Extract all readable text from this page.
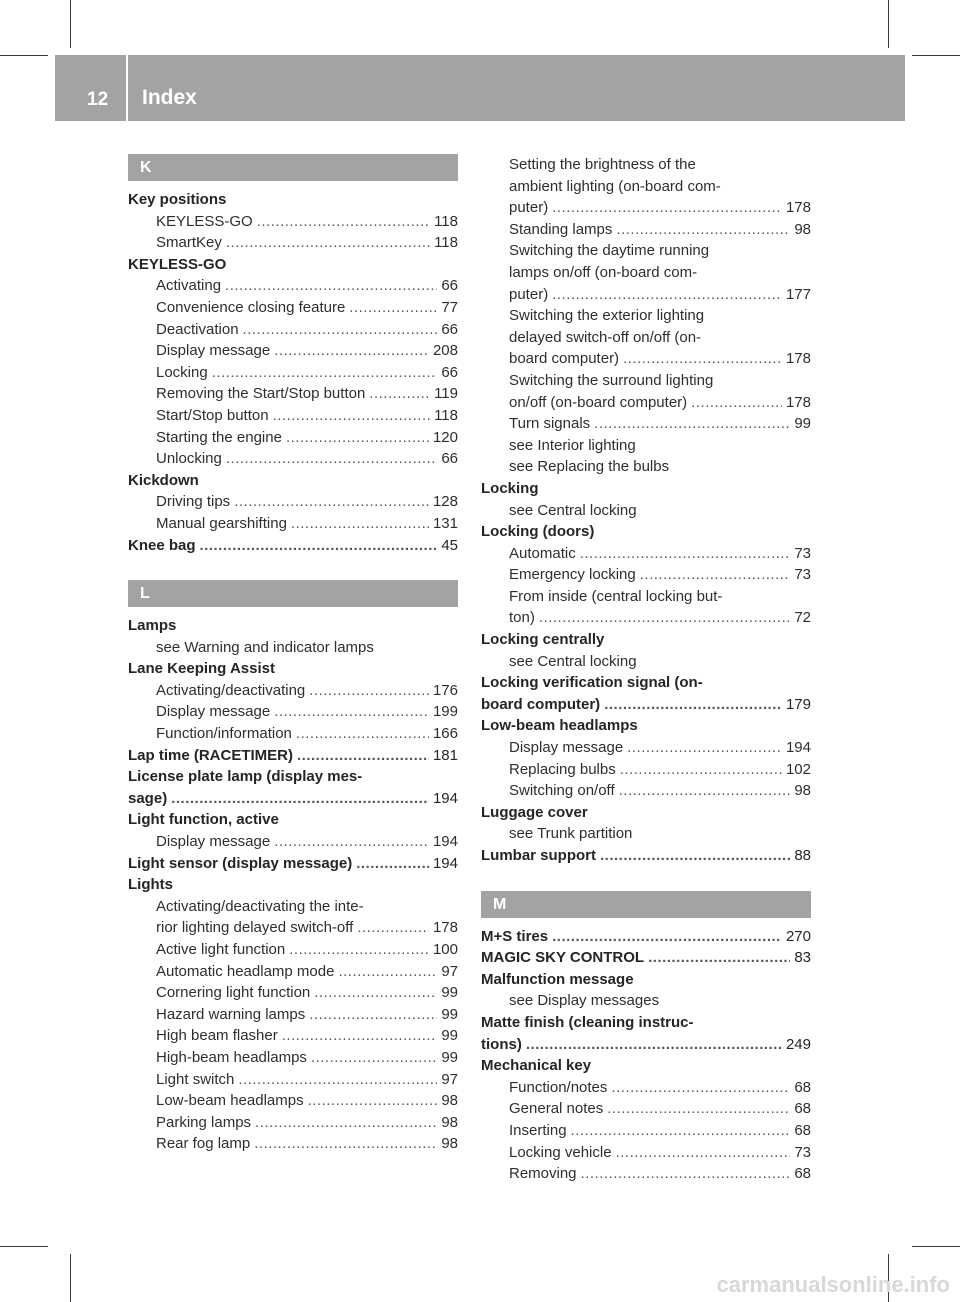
12 Index
K
Key positions
KEYLESS-GO .....	118
SmartKey .....	118
KEYLESS-GO
Activating .....	66
Convenience closing feature .....	77
Deactivation .....	66
Display message .....	208
Locking .....	66
Removing the Start/Stop button .....	119
Start/Stop button .....	118
Starting the engine .....	120
Unlocking .....	66
Kickdown
Driving tips .....	128
Manual gearshifting .....	131
Knee bag .....	45
L
Lamps
see Warning and indicator lamps
Lane Keeping Assist
Activating/deactivating .....	176
Display message .....	199
Function/information .....	166
Lap time (RACETIMER) .....	181
License plate lamp (display mes-
sage) .....	194
Light function, active
Display message .....	194
Light sensor (display message) .....	194
Lights
Activating/deactivating the inte-
rior lighting delayed switch-off .....	178
Active light function .....	100
Automatic headlamp mode .....	97
Cornering light function .....	99
Hazard warning lamps .....	99
High beam flasher .....	99
High-beam headlamps .....	99
Light switch .....	97
Low-beam headlamps .....	98
Parking lamps .....	98
Rear fog lamp .....	98
Setting the brightness of the
ambient lighting (on-board com-
puter) .....	178
Standing lamps .....	98
Switching the daytime running
lamps on/off (on-board com-
puter) .....	177
Switching the exterior lighting
delayed switch-off on/off (on-
board computer) .....	178
Switching the surround lighting
on/off (on-board computer) .....	178
Turn signals .....	99
see Interior lighting
see Replacing the bulbs
Locking
see Central locking
Locking (doors)
Automatic .....	73
Emergency locking .....	73
From inside (central locking but-
ton) .....	72
Locking centrally
see Central locking
Locking verification signal (on-
board computer) .....	179
Low-beam headlamps
Display message .....	194
Replacing bulbs .....	102
Switching on/off .....	98
Luggage cover
see Trunk partition
Lumbar support .....	88
M
M+S tires .....	270
MAGIC SKY CONTROL .....	83
Malfunction message
see Display messages
Matte finish (cleaning instruc-
tions) .....	249
Mechanical key
Function/notes .....	68
General notes .....	68
Inserting .....	68
Locking vehicle .....	73
Removing .....	68
carmanualsonline.info
